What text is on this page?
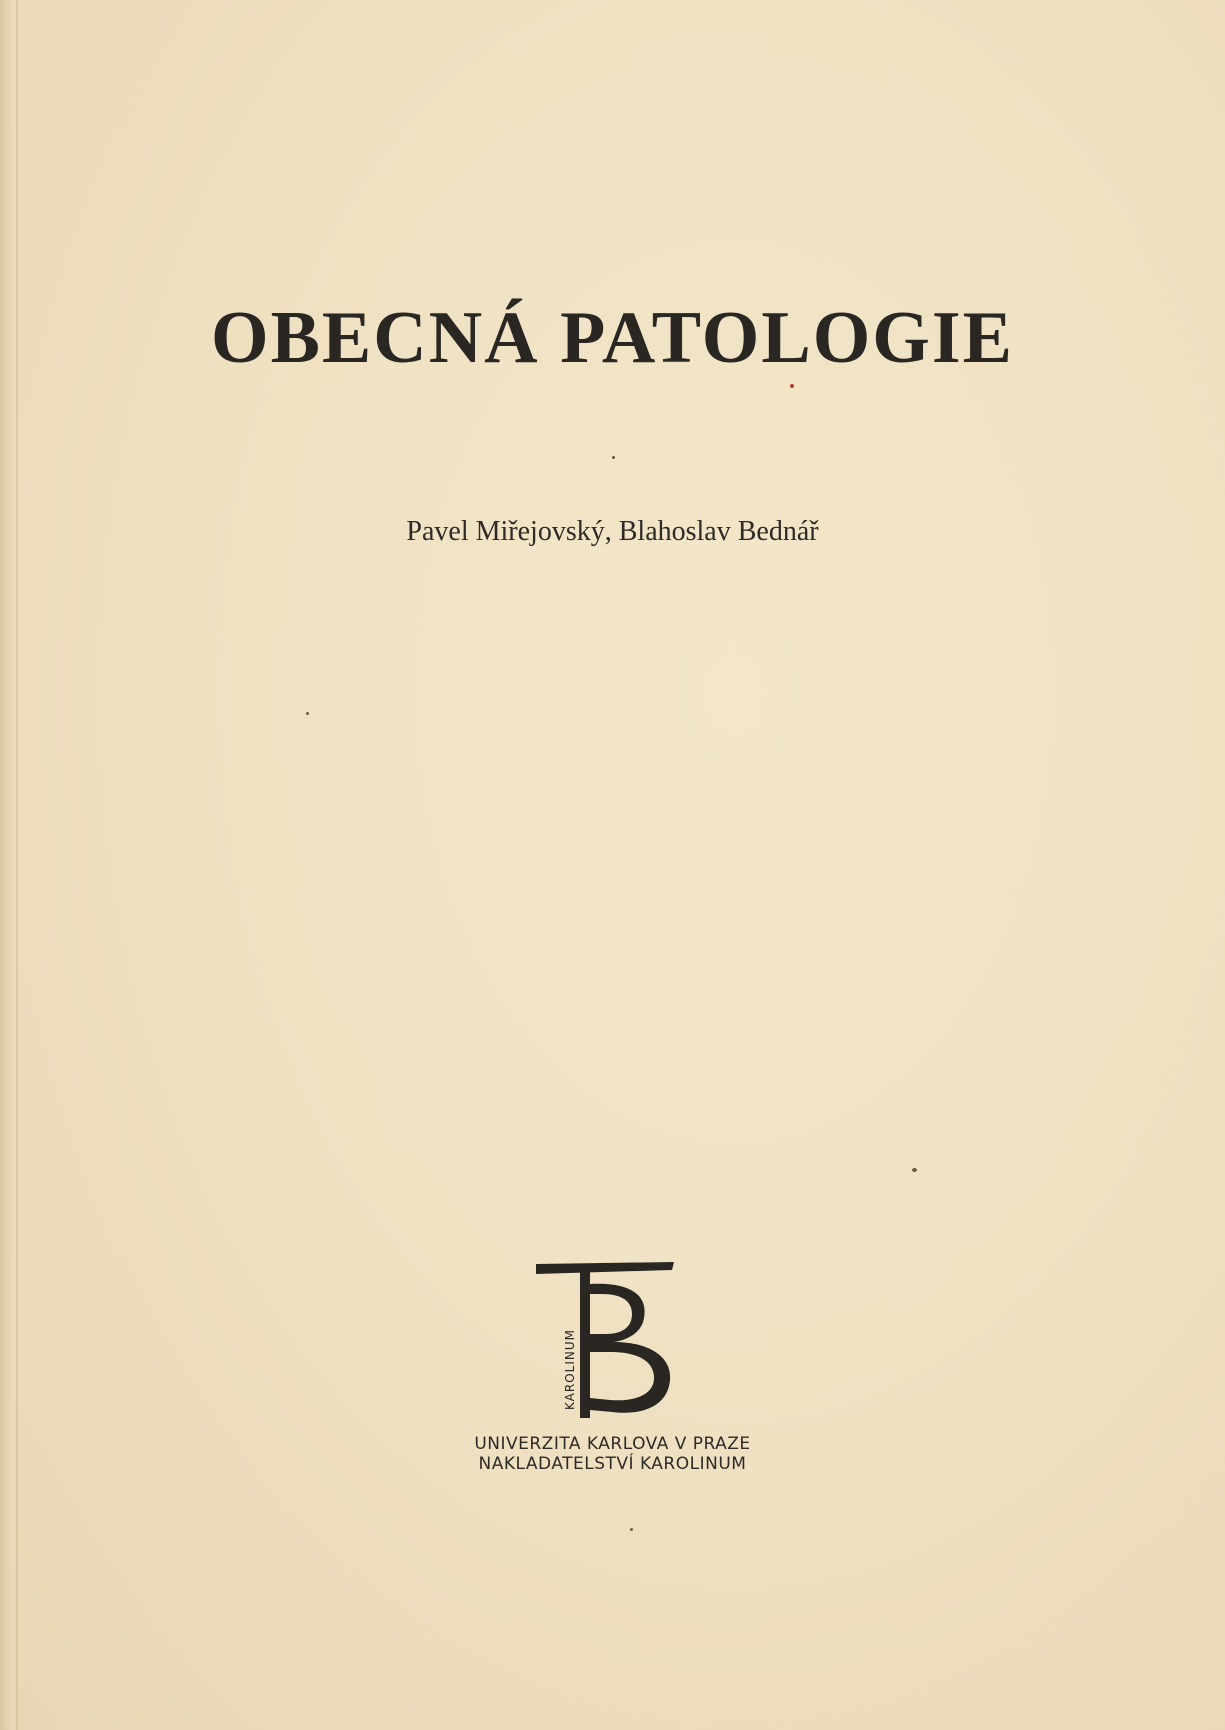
OBECNÁ PATOLOGIE

Pavel Miřejovský, Blahoslav Bednář

KAROLINUM
UNIVERZITA KARLOVA V PRAZE
NAKLADATELSTVÍ KAROLINUM
